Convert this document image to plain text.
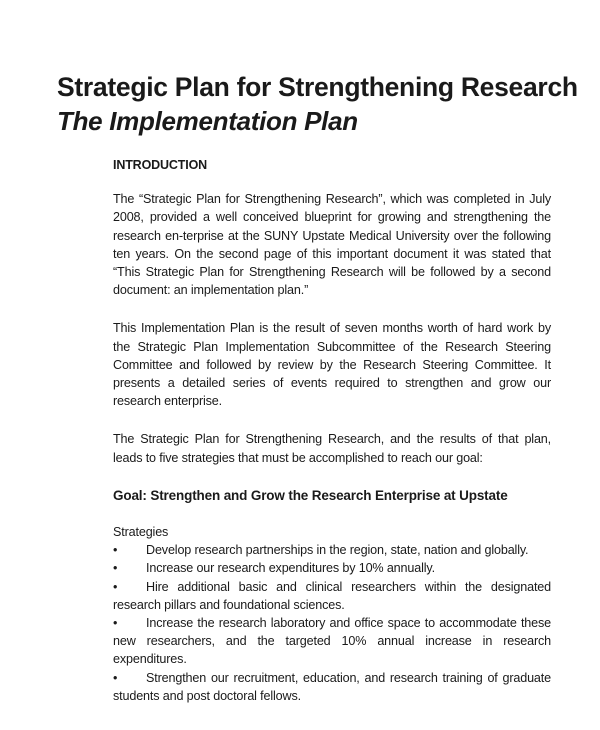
Strategic Plan for Strengthening Research
The Implementation Plan
INTRODUCTION

The “Strategic Plan for Strengthening Research”, which was completed in July 2008, provided a well conceived blueprint for growing and strengthening the research en-terprise at the SUNY Upstate Medical University over the following ten years. On the second page of this important document it was stated that “This Strategic Plan for Strengthening Research will be followed by a second document: an implementation plan.”

This Implementation Plan is the result of seven months worth of hard work by the Strategic Plan Implementation Subcommittee of the Research Steering Committee and followed by review by the Research Steering Committee. It presents a detailed series of events required to strengthen and grow our research enterprise.

The Strategic Plan for Strengthening Research, and the results of that plan, leads to five strategies that must be accomplished to reach our goal:

Goal: Strengthen and Grow the Research Enterprise at Upstate
Strategies
• Develop research partnerships in the region, state, nation and globally.
• Increase our research expenditures by 10% annually.
• Hire additional basic and clinical researchers within the designated research pillars and foundational sciences.
• Increase the research laboratory and office space to accommodate these new researchers, and the targeted 10% annual increase in research expenditures.
• Strengthen our recruitment, education, and research training of graduate students and post doctoral fellows.
